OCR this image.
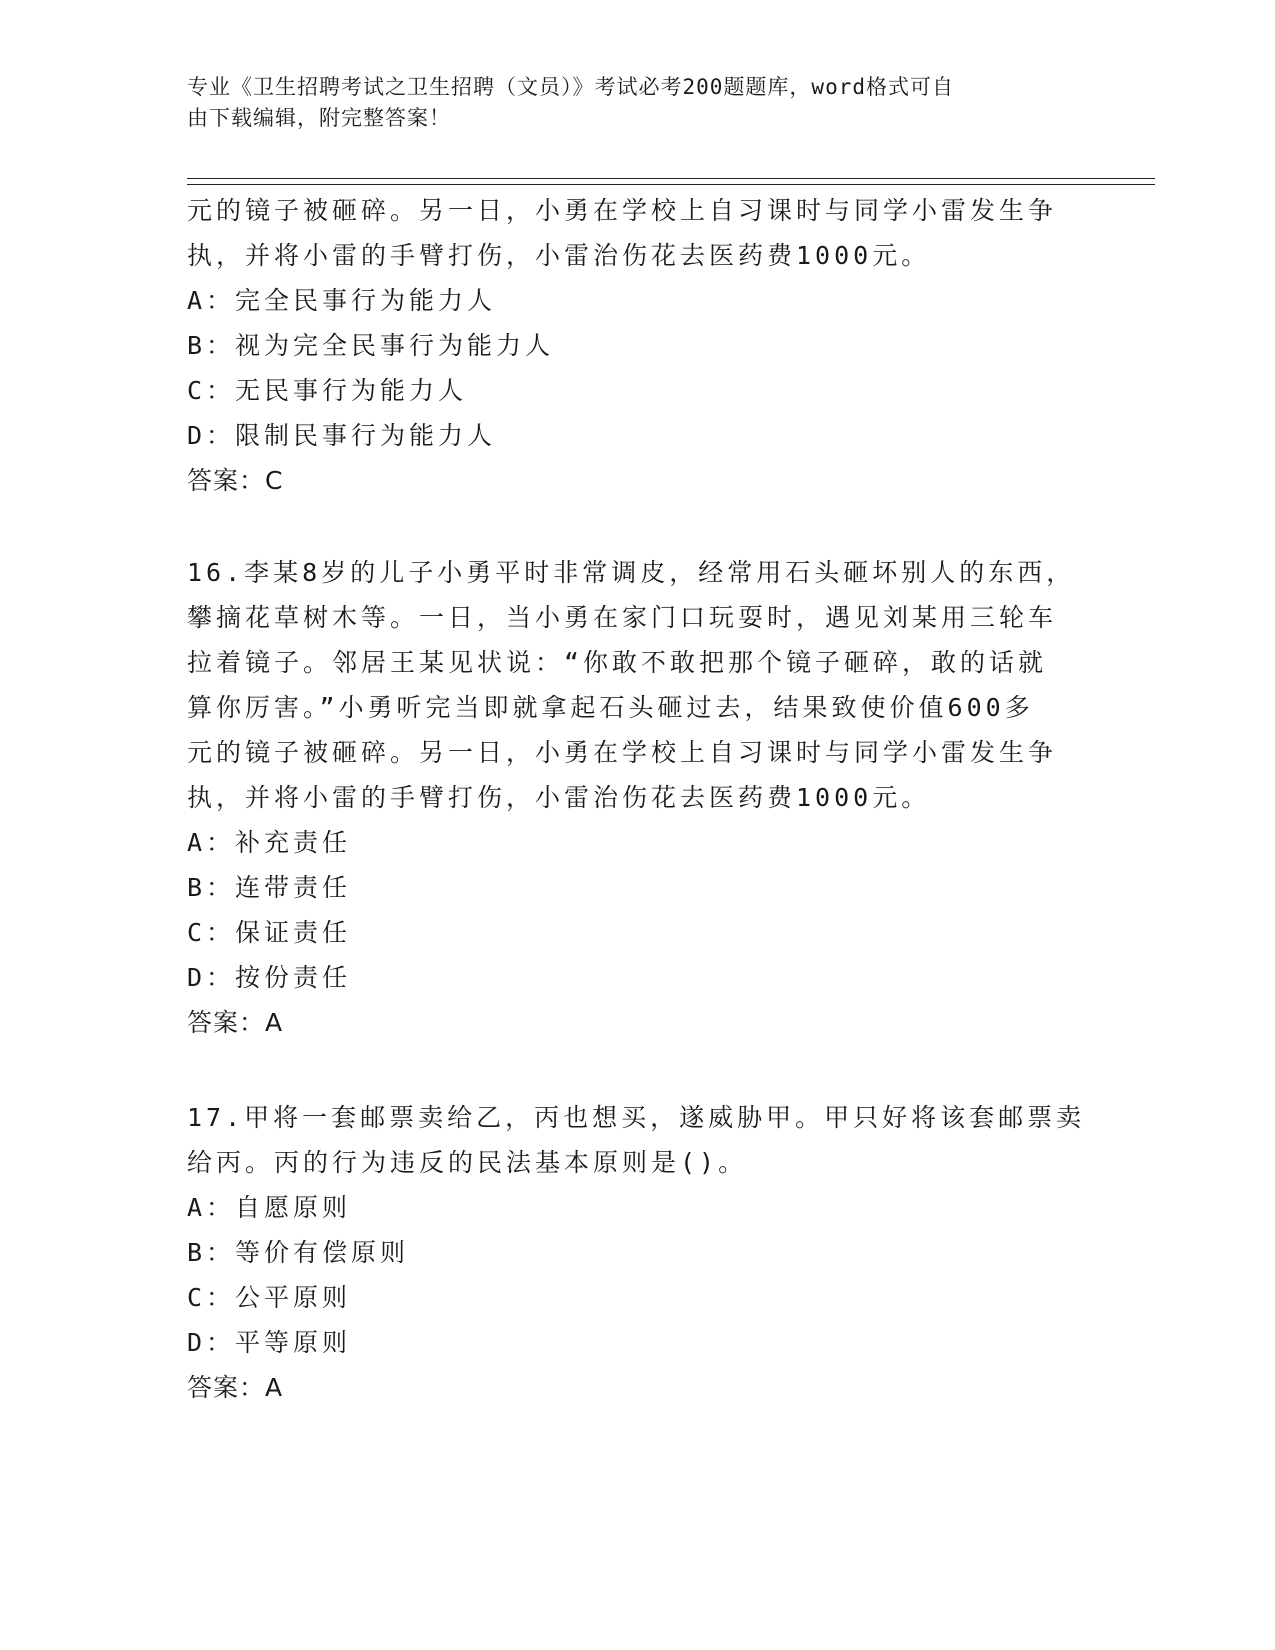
专业《卫生招聘考试之卫生招聘（文员）》考试必考200题题库，word格式可自
由下载编辑，附完整答案！

元的镜子被砸碎。另一日，小勇在学校上自习课时与同学小雷发生争

执，并将小雷的手臂打伤，小雷治伤花去医药费1000元。

A：完全民事行为能力人

B：视为完全民事行为能力人

C：无民事行为能力人

D：限制民事行为能力人

答案：C

16.李某8岁的儿子小勇平时非常调皮，经常用石头砸坏别人的东西，

攀摘花草树木等。一日，当小勇在家门口玩耍时，遇见刘某用三轮车

拉着镜子。邻居王某见状说：“你敢不敢把那个镜子砸碎，敢的话就

算你厉害。”小勇听完当即就拿起石头砸过去，结果致使价值600多

元的镜子被砸碎。另一日，小勇在学校上自习课时与同学小雷发生争

执，并将小雷的手臂打伤，小雷治伤花去医药费1000元。

A：补充责任

B：连带责任

C：保证责任

D：按份责任

答案：A

17.甲将一套邮票卖给乙，丙也想买，遂威胁甲。甲只好将该套邮票卖

给丙。丙的行为违反的民法基本原则是()。

A：自愿原则

B：等价有偿原则

C：公平原则

D：平等原则

答案：A
